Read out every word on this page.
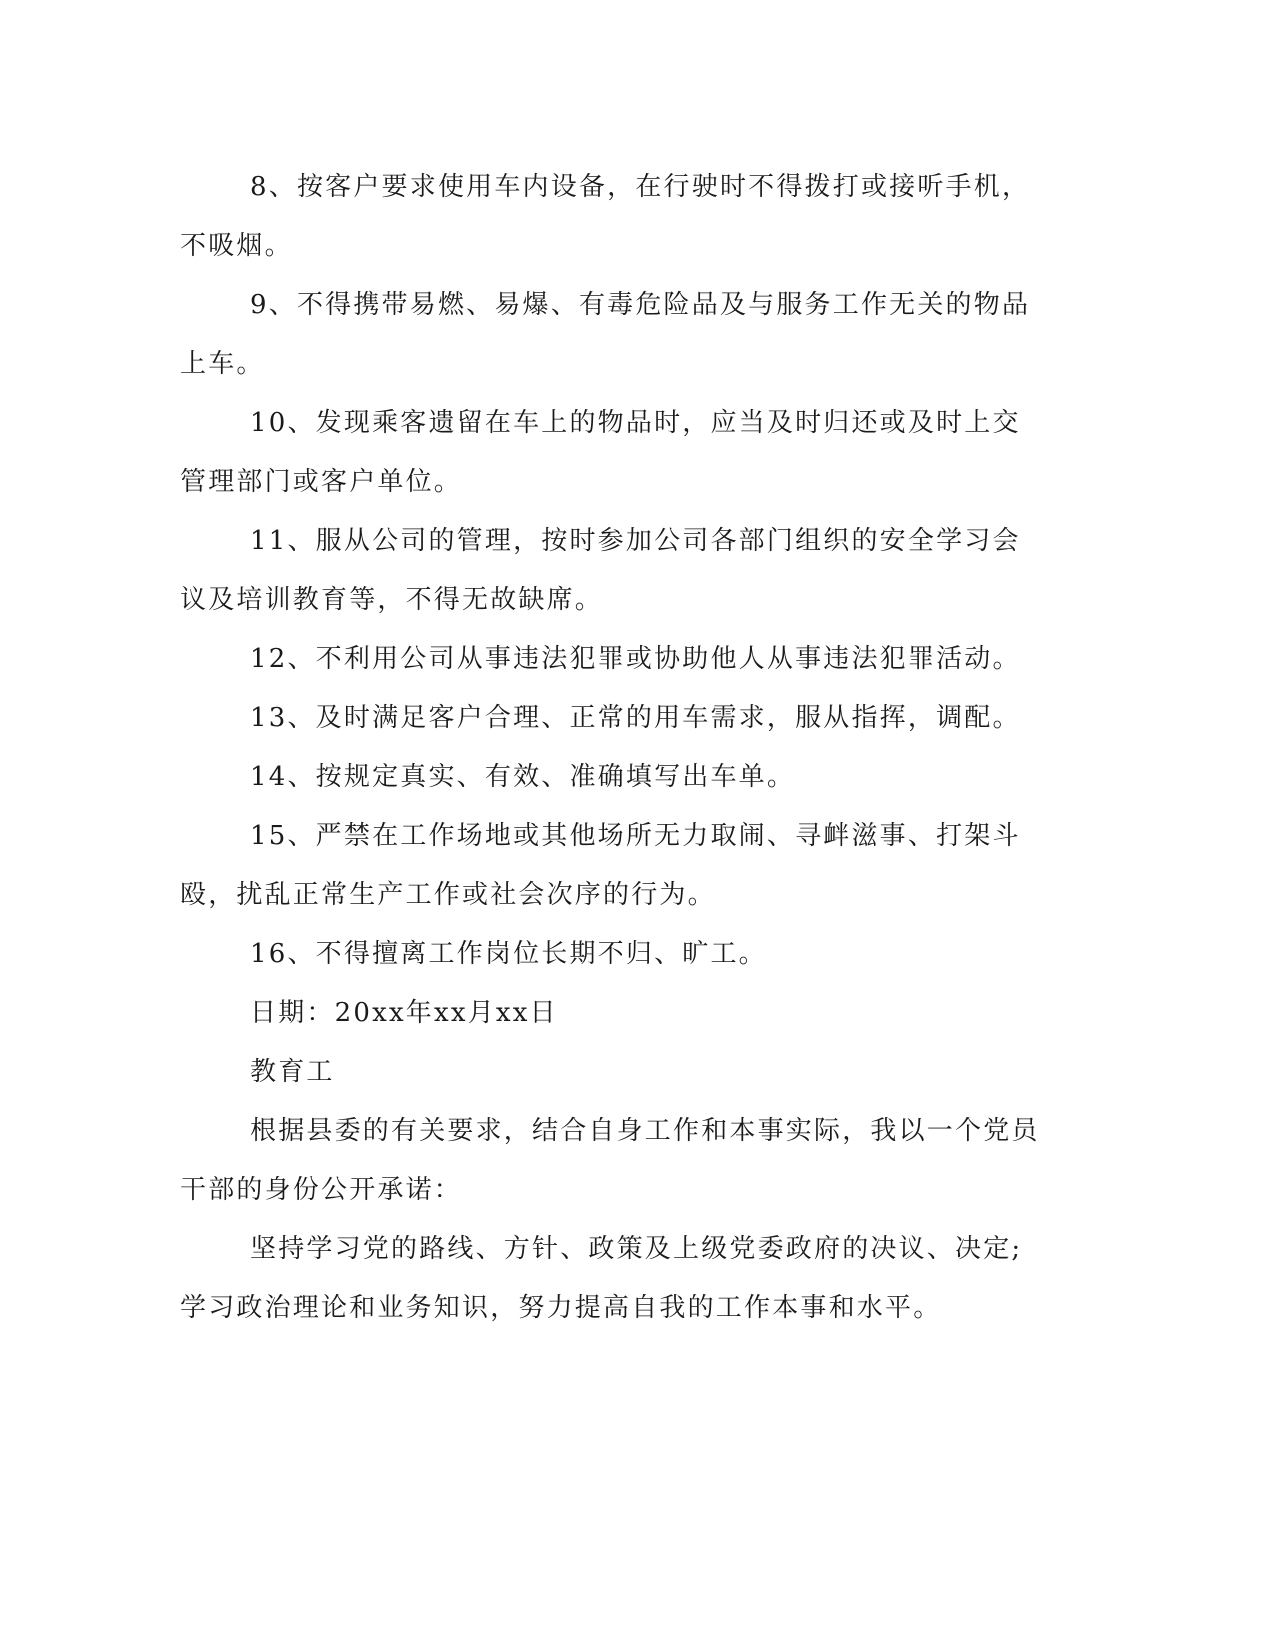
8、按客户要求使用车内设备，在行驶时不得拨打或接听手机，不吸烟。

9、不得携带易燃、易爆、有毒危险品及与服务工作无关的物品上车。

10、发现乘客遗留在车上的物品时，应当及时归还或及时上交管理部门或客户单位。

11、服从公司的管理，按时参加公司各部门组织的安全学习会议及培训教育等，不得无故缺席。

12、不利用公司从事违法犯罪或协助他人从事违法犯罪活动。

13、及时满足客户合理、正常的用车需求，服从指挥，调配。

14、按规定真实、有效、准确填写出车单。

15、严禁在工作场地或其他场所无力取闹、寻衅滋事、打架斗殴，扰乱正常生产工作或社会次序的行为。

16、不得擅离工作岗位长期不归、旷工。

日期：20xx年xx月xx日

教育工

根据县委的有关要求，结合自身工作和本事实际，我以一个党员干部的身份公开承诺：

坚持学习党的路线、方针、政策及上级党委政府的决议、决定;学习政治理论和业务知识，努力提高自我的工作本事和水平。
